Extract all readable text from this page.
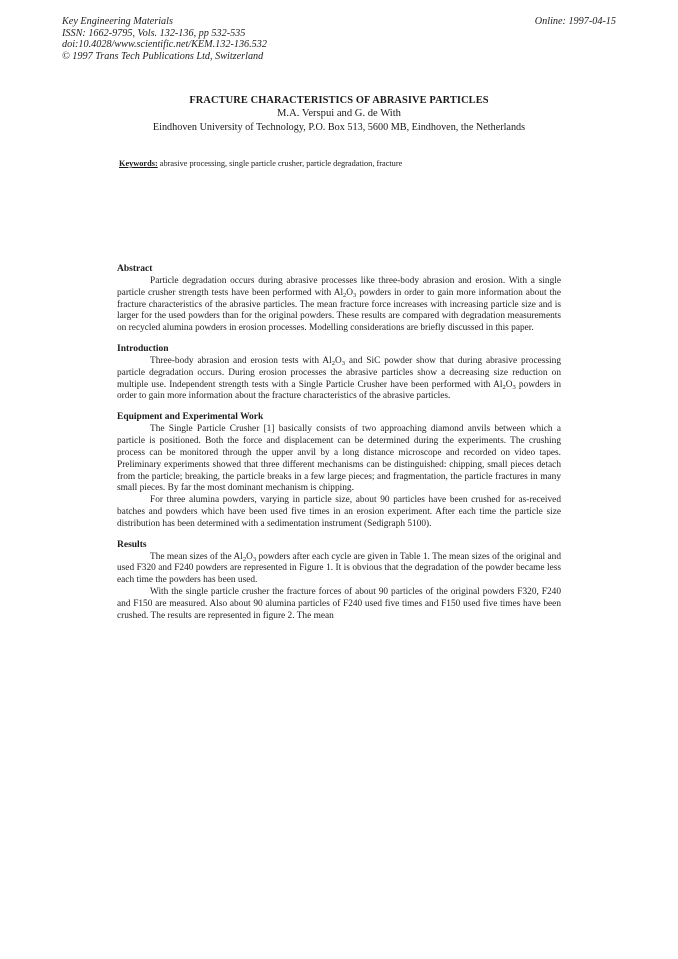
Key Engineering Materials
ISSN: 1662-9795, Vols. 132-136, pp 532-535
doi:10.4028/www.scientific.net/KEM.132-136.532
© 1997 Trans Tech Publications Ltd, Switzerland
Online: 1997-04-15
FRACTURE CHARACTERISTICS OF ABRASIVE PARTICLES
M.A. Verspui and G. de With
Eindhoven University of Technology, P.O. Box 513, 5600 MB, Eindhoven, the Netherlands
Keywords: abrasive processing, single particle crusher, particle degradation, fracture
Abstract

Particle degradation occurs during abrasive processes like three-body abrasion and erosion. With a single particle crusher strength tests have been performed with $Al_2O_3$ powders in order to gain more information about the fracture characteristics of the abrasive particles. The mean fracture force increases with increasing particle size and is larger for the used powders than for the original powders. These results are compared with degradation measurements on recycled alumina powders in erosion processes. Modelling considerations are briefly discussed in this paper.

Introduction

Three-body abrasion and erosion tests with $Al_2O_3$ and SiC powder show that during abrasive processing particle degradation occurs. During erosion processes the abrasive particles show a decreasing size reduction on multiple use. Independent strength tests with a Single Particle Crusher have been performed with $Al_2O_3$ powders in order to gain more information about the fracture characteristics of the abrasive particles.

Equipment and Experimental Work

The Single Particle Crusher [1] basically consists of two approaching diamond anvils between which a particle is positioned. Both the force and displacement can be determined during the experiments. The crushing process can be monitored through the upper anvil by a long distance microscope and recorded on video tapes. Preliminary experiments showed that three different mechanisms can be distinguished: chipping, small pieces detach from the particle; breaking, the particle breaks in a few large pieces; and fragmentation, the particle fractures in many small pieces. By far the most dominant mechanism is chipping.

For three alumina powders, varying in particle size, about 90 particles have been crushed for as-received batches and powders which have been used five times in an erosion experiment. After each time the particle size distribution has been determined with a sedimentation instrument (Sedigraph 5100).

Results

The mean sizes of the $Al_2O_3$ powders after each cycle are given in Table 1. The mean sizes of the original and used F320 and F240 powders are represented in Figure 1. It is obvious that the degradation of the powder became less each time the powders has been used.

With the single particle crusher the fracture forces of about 90 particles of the original powders F320, F240 and F150 are measured. Also about 90 alumina particles of F240 used five times and F150 used five times have been crushed. The results are represented in figure 2. The mean
